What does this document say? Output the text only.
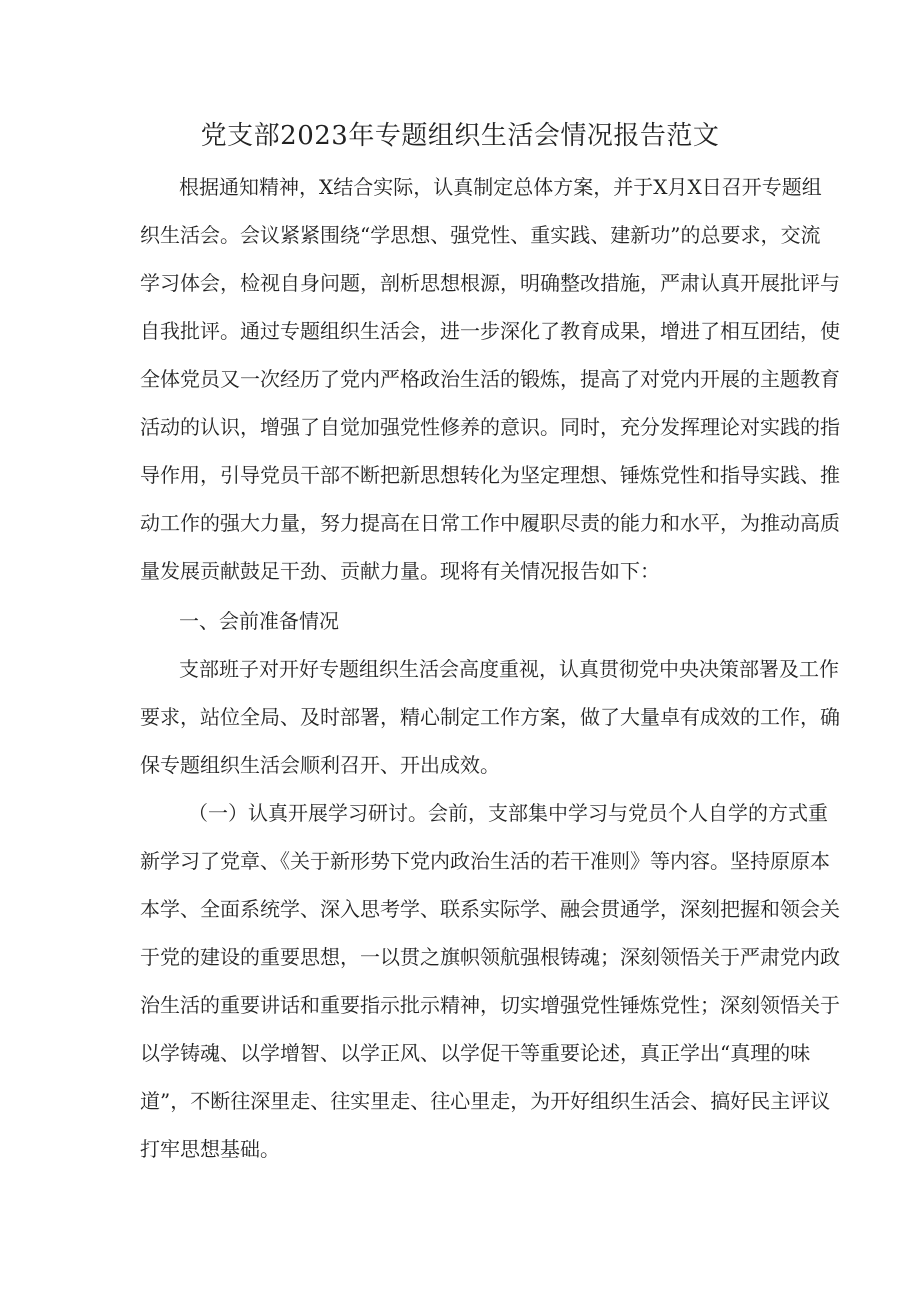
党支部2023年专题组织生活会情况报告范文

根据通知精神，X结合实际，认真制定总体方案，并于X月X日召开专题组

织生活会。会议紧紧围绕“学思想、强党性、重实践、建新功”的总要求，交流

学习体会，检视自身问题，剖析思想根源，明确整改措施，严肃认真开展批评与

自我批评。通过专题组织生活会，进一步深化了教育成果，增进了相互团结，使

全体党员又一次经历了党内严格政治生活的锻炼，提高了对党内开展的主题教育

活动的认识，增强了自觉加强党性修养的意识。同时，充分发挥理论对实践的指

导作用，引导党员干部不断把新思想转化为坚定理想、锤炼党性和指导实践、推

动工作的强大力量，努力提高在日常工作中履职尽责的能力和水平，为推动高质

量发展贡献鼓足干劲、贡献力量。现将有关情况报告如下：

一、会前准备情况

支部班子对开好专题组织生活会高度重视，认真贯彻党中央决策部署及工作

要求，站位全局、及时部署，精心制定工作方案，做了大量卓有成效的工作，确

保专题组织生活会顺利召开、开出成效。

（一）认真开展学习研讨。会前，支部集中学习与党员个人自学的方式重

新学习了党章、《关于新形势下党内政治生活的若干准则》等内容。坚持原原本

本学、全面系统学、深入思考学、联系实际学、融会贯通学，深刻把握和领会关

于党的建设的重要思想，一以贯之旗帜领航强根铸魂；深刻领悟关于严肃党内政

治生活的重要讲话和重要指示批示精神，切实增强党性锤炼党性；深刻领悟关于

以学铸魂、以学增智、以学正风、以学促干等重要论述，真正学出“真理的味

道”，不断往深里走、往实里走、往心里走，为开好组织生活会、搞好民主评议

打牢思想基础。
